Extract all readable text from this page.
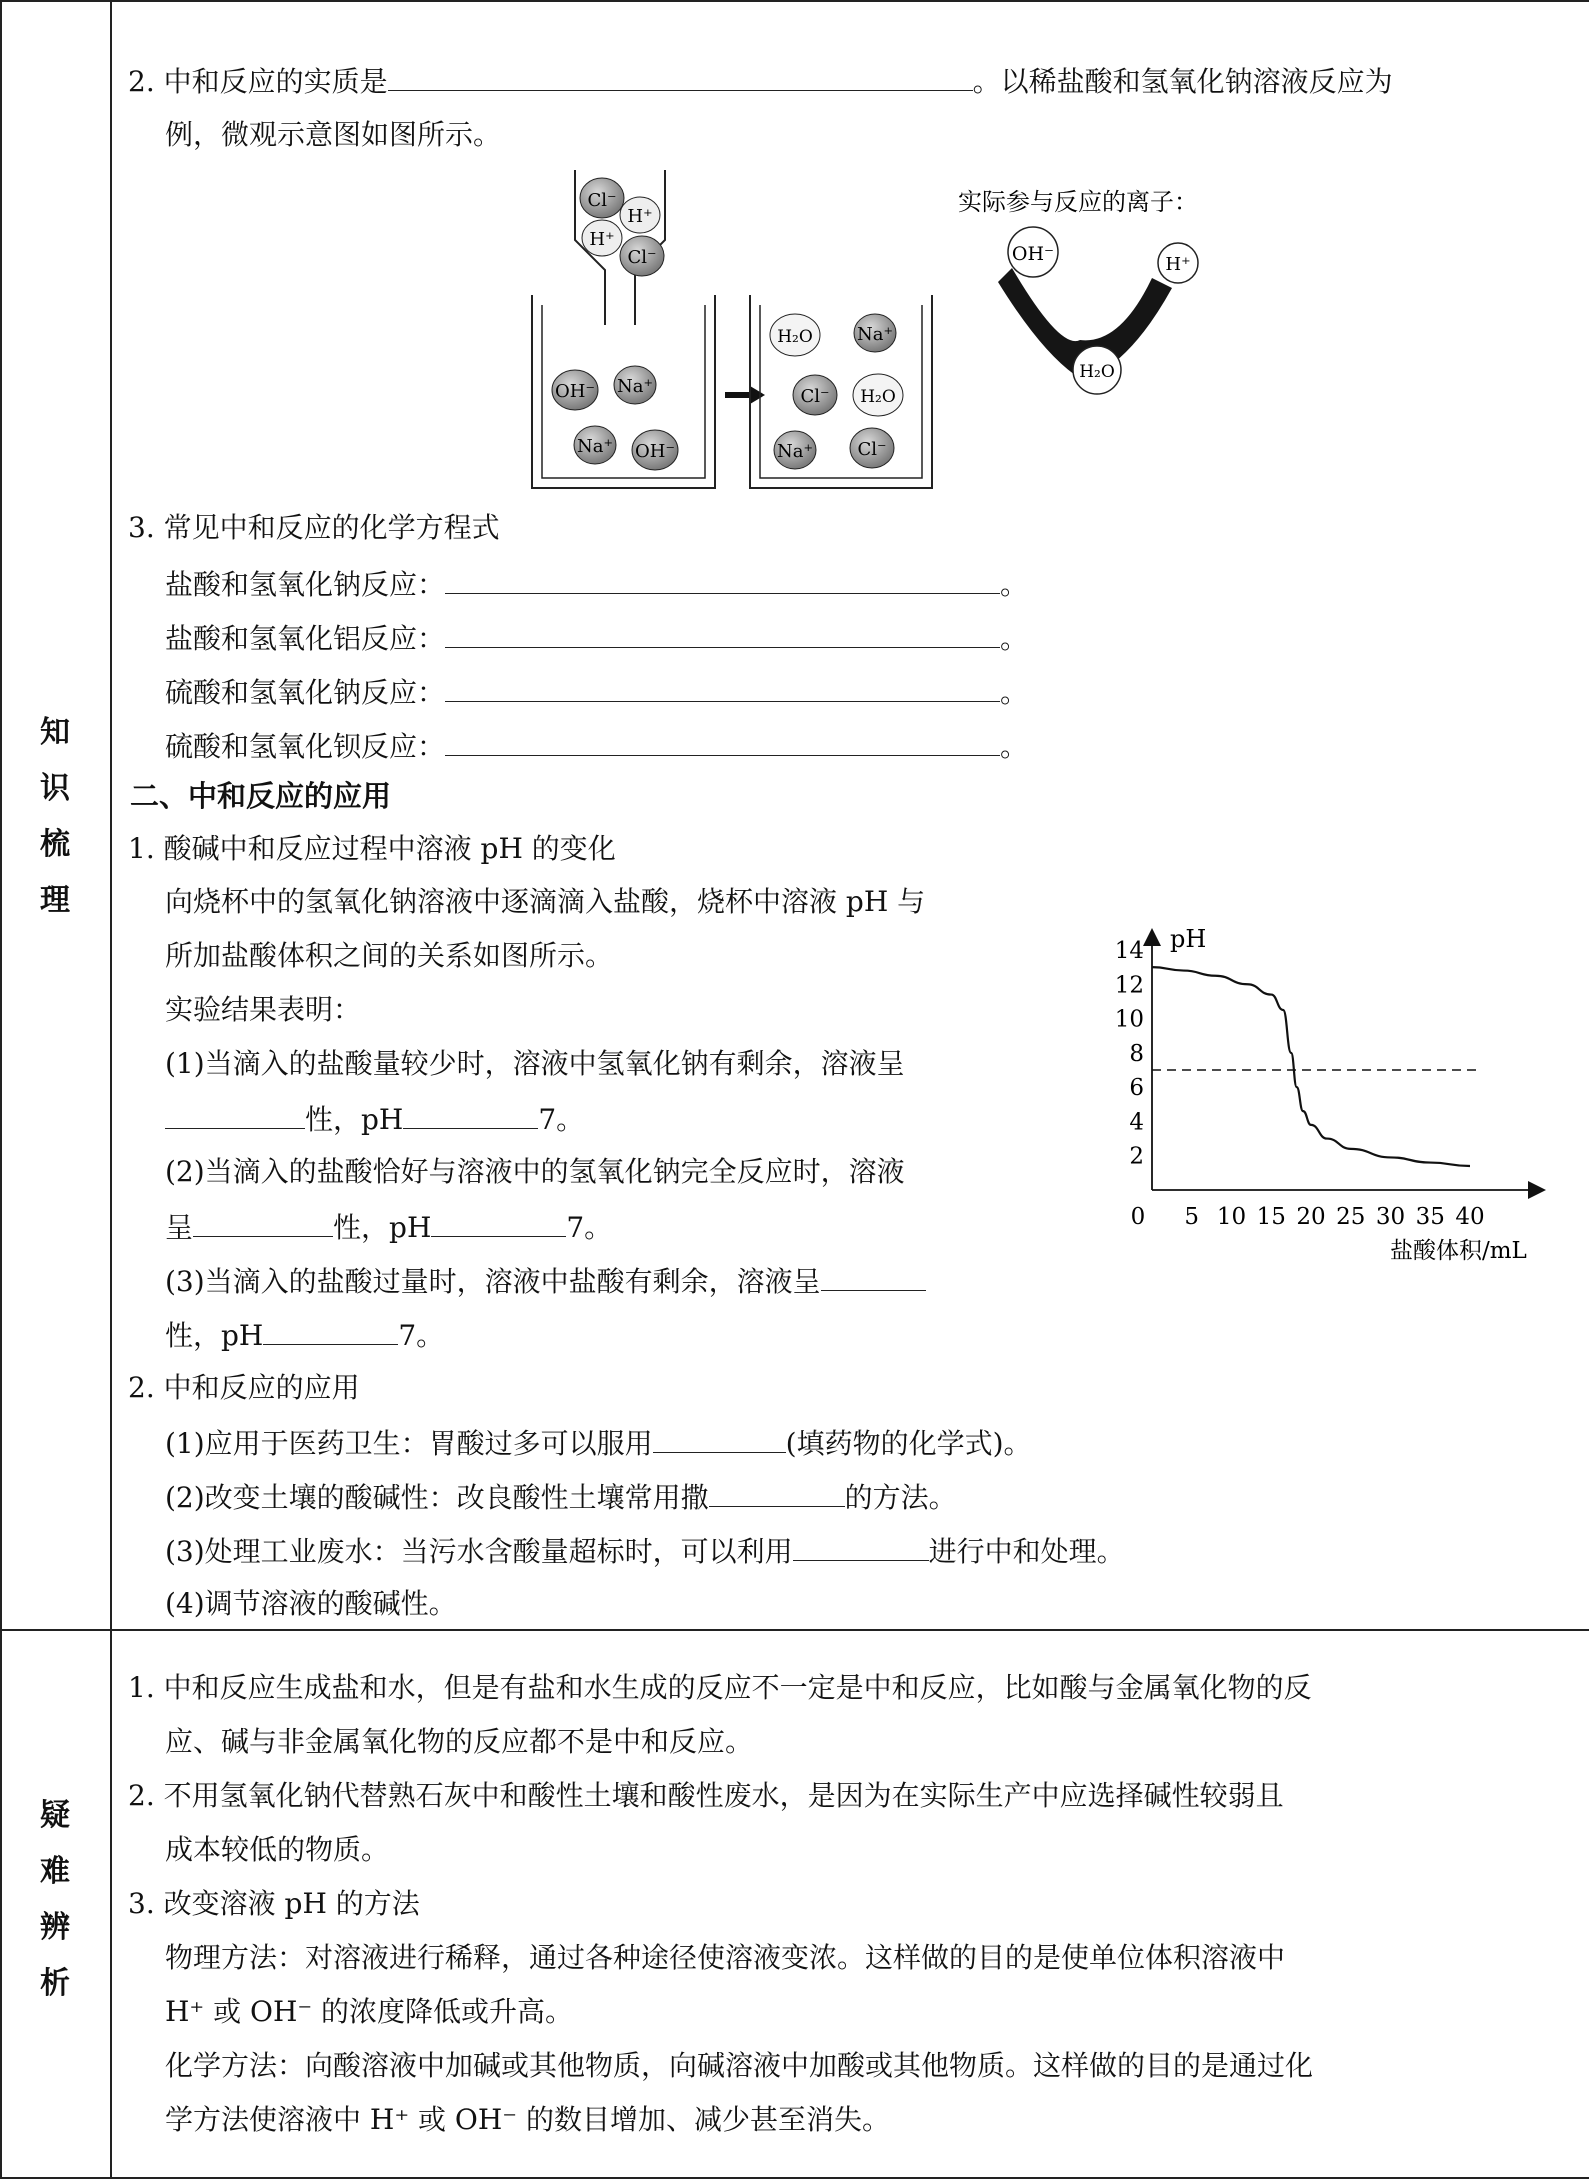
知
识
梳
理
疑
难
辨
析
2. 中和反应的实质是	。以稀盐酸和氢氧化钠溶液反应为
例，微观示意图如图所示。
Cl⁻
H⁺
H⁺
Cl⁻
OH⁻ Na⁺
Na⁺ OH⁻
H₂O Na⁺
Cl⁻ H₂O
Na⁺ Cl⁻
实际参与反应的离子：
OH⁻	H⁺
H₂O
3. 常见中和反应的化学方程式
盐酸和氢氧化钠反应：	。
盐酸和氢氧化铝反应：	。
硫酸和氢氧化钠反应：	。
硫酸和氢氧化钡反应：	。
二、中和反应的应用
1. 酸碱中和反应过程中溶液 pH 的变化
向烧杯中的氢氧化钠溶液中逐滴滴入盐酸，烧杯中溶液 pH 与
所加盐酸体积之间的关系如图所示。
实验结果表明：
(1)当滴入的盐酸量较少时，溶液中氢氧化钠有剩余，溶液呈
性，pH	7。
(2)当滴入的盐酸恰好与溶液中的氢氧化钠完全反应时，溶液
呈	性，pH	7。
(3)当滴入的盐酸过量时，溶液中盐酸有剩余，溶液呈
性，pH	7。
pH
盐酸体积/mL
2
4
6
8
10
12
14
0 5 10 15 20 25 30 35 40
2. 中和反应的应用
(1)应用于医药卫生：胃酸过多可以服用	(填药物的化学式)。
(2)改变土壤的酸碱性：改良酸性土壤常用撒	的方法。
(3)处理工业废水：当污水含酸量超标时，可以利用	进行中和处理。
(4)调节溶液的酸碱性。
1. 中和反应生成盐和水，但是有盐和水生成的反应不一定是中和反应，比如酸与金属氧化物的反
应、碱与非金属氧化物的反应都不是中和反应。
2. 不用氢氧化钠代替熟石灰中和酸性土壤和酸性废水，是因为在实际生产中应选择碱性较弱且
成本较低的物质。
3. 改变溶液 pH 的方法
物理方法：对溶液进行稀释，通过各种途径使溶液变浓。这样做的目的是使单位体积溶液中
H⁺ 或 OH⁻ 的浓度降低或升高。
化学方法：向酸溶液中加碱或其他物质，向碱溶液中加酸或其他物质。这样做的目的是通过化
学方法使溶液中 H⁺ 或 OH⁻ 的数目增加、减少甚至消失。
